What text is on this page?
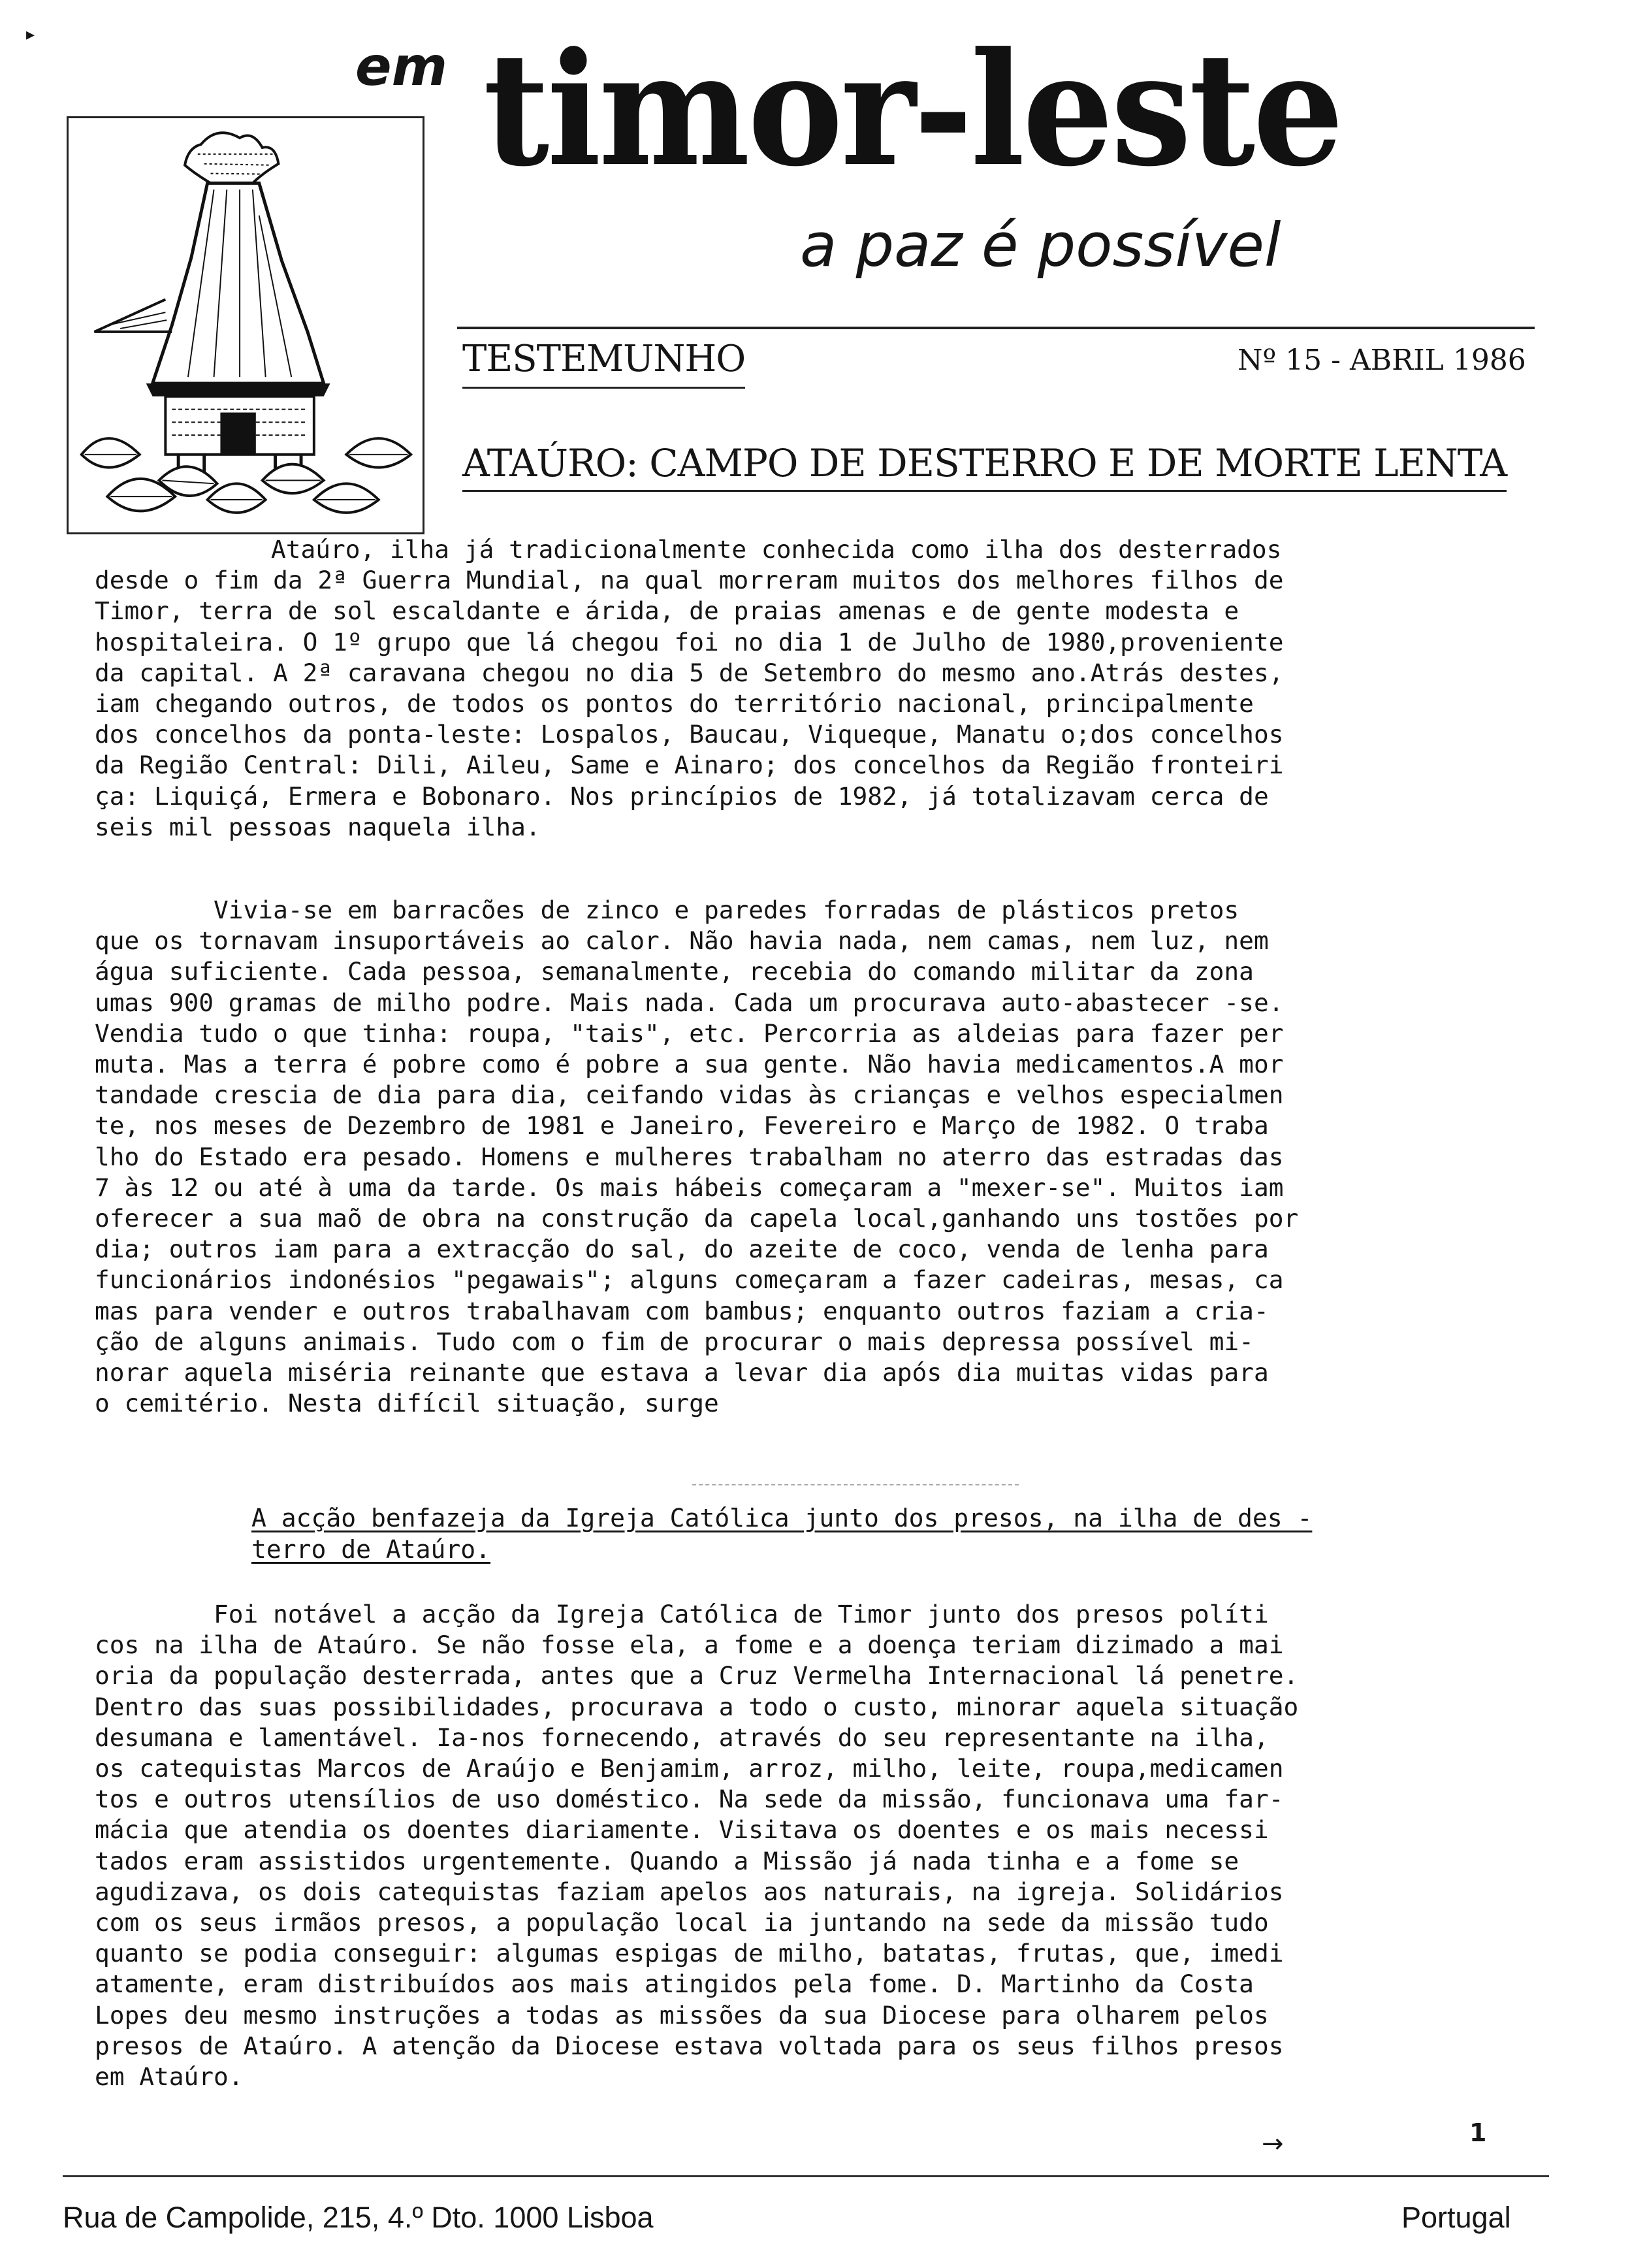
▸
em timor-leste
a paz é possível
TESTEMUNHO	Nº 15 - ABRIL 1986
ATAÚRO: CAMPO DE DESTERRO E DE MORTE LENTA
Ataúro, ilha já tradicionalmente conhecida como ilha dos desterrados
desde o fim da 2ª Guerra Mundial, na qual morreram muitos dos melhores filhos de
Timor, terra de sol escaldante e árida, de praias amenas e de gente modesta e
hospitaleira. O 1º grupo que lá chegou foi no dia 1 de Julho de 1980,proveniente
da capital. A 2ª caravana chegou no dia 5 de Setembro do mesmo ano.Atrás destes,
iam chegando outros, de todos os pontos do território nacional, principalmente
dos concelhos da ponta-leste: Lospalos, Baucau, Viqueque, Manatu o;dos concelhos
da Região Central: Dili, Aileu, Same e Ainaro; dos concelhos da Região fronteiri
ça: Liquiçá, Ermera e Bobonaro. Nos princípios de 1982, já totalizavam cerca de
seis mil pessoas naquela ilha.
Vivia-se em barracões de zinco e paredes forradas de plásticos pretos
que os tornavam insuportáveis ao calor. Não havia nada, nem camas, nem luz, nem
água suficiente. Cada pessoa, semanalmente, recebia do comando militar da zona
umas 900 gramas de milho podre. Mais nada. Cada um procurava auto-abastecer -se.
Vendia tudo o que tinha: roupa, "tais", etc. Percorria as aldeias para fazer per
muta. Mas a terra é pobre como é pobre a sua gente. Não havia medicamentos.A mor
tandade crescia de dia para dia, ceifando vidas às crianças e velhos especialmen
te, nos meses de Dezembro de 1981 e Janeiro, Fevereiro e Março de 1982. O traba
lho do Estado era pesado. Homens e mulheres trabalham no aterro das estradas das
7 às 12 ou até à uma da tarde. Os mais hábeis começaram a "mexer-se". Muitos iam
oferecer a sua maõ de obra na construção da capela local,ganhando uns tostões por
dia; outros iam para a extracção do sal, do azeite de coco, venda de lenha para
funcionários indonésios "pegawais"; alguns começaram a fazer cadeiras, mesas, ca
mas para vender e outros trabalhavam com bambus; enquanto outros faziam a cria-
ção de alguns animais. Tudo com o fim de procurar o mais depressa possível mi-
norar aquela miséria reinante que estava a levar dia após dia muitas vidas para
o cemitério. Nesta difícil situação, surge
A acção benfazeja da Igreja Católica junto dos presos, na ilha de des -
terro de Ataúro.
Foi notável a acção da Igreja Católica de Timor junto dos presos políti
cos na ilha de Ataúro. Se não fosse ela, a fome e a doença teriam dizimado a mai
oria da população desterrada, antes que a Cruz Vermelha Internacional lá penetre.
Dentro das suas possibilidades, procurava a todo o custo, minorar aquela situação
desumana e lamentável. Ia-nos fornecendo, através do seu representante na ilha,
os catequistas Marcos de Araújo e Benjamim, arroz, milho, leite, roupa,medicamen
tos e outros utensílios de uso doméstico. Na sede da missão, funcionava uma far-
mácia que atendia os doentes diariamente. Visitava os doentes e os mais necessi
tados eram assistidos urgentemente. Quando a Missão já nada tinha e a fome se
agudizava, os dois catequistas faziam apelos aos naturais, na igreja. Solidários
com os seus irmãos presos, a população local ia juntando na sede da missão tudo
quanto se podia conseguir: algumas espigas de milho, batatas, frutas, que, imedi
atamente, eram distribuídos aos mais atingidos pela fome. D. Martinho da Costa
Lopes deu mesmo instruções a todas as missões da sua Diocese para olharem pelos
presos de Ataúro. A atenção da Diocese estava voltada para os seus filhos presos
em Ataúro.
→	1
Rua de Campolide, 215, 4.º Dto. 1000 Lisboa	Portugal
